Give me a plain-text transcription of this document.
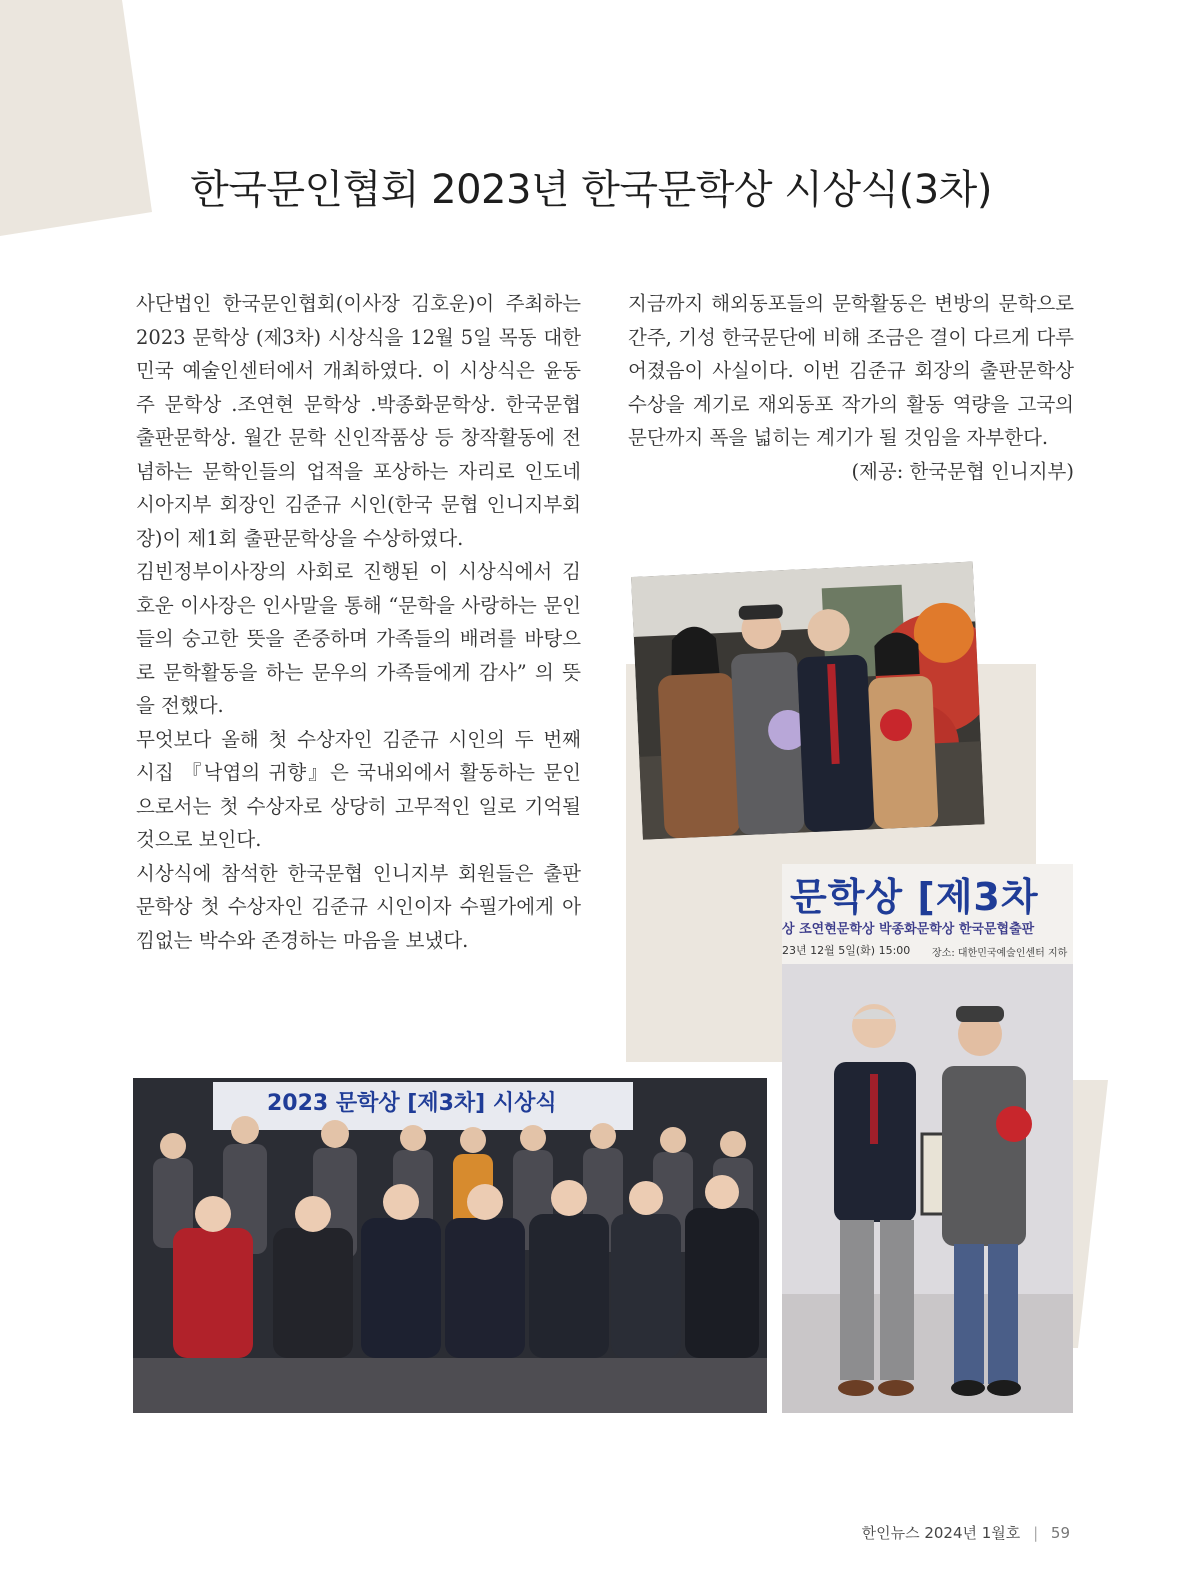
한국문인협회 2023년 한국문학상 시상식(3차)

사단법인 한국문인협회(이사장 김호운)이 주최하는 2023 문학상 (제3차) 시상식을 12월 5일 목동 대한민국 예술인센터에서 개최하였다. 이 시상식은 윤동주 문학상 .조연현 문학상 .박종화문학상. 한국문협출판문학상. 월간 문학 신인작품상 등 창작활동에 전념하는 문학인들의 업적을 포상하는 자리로 인도네시아지부 회장인 김준규 시인(한국 문협 인니지부회장)이 제1회 출판문학상을 수상하였다.

김빈정부이사장의 사회로 진행된 이 시상식에서 김호운 이사장은 인사말을 통해 “문학을 사랑하는 문인들의 숭고한 뜻을 존중하며 가족들의 배려를 바탕으로 문학활동을 하는 문우의 가족들에게 감사” 의 뜻을 전했다.

무엇보다 올해 첫 수상자인 김준규 시인의 두 번째 시집 『낙엽의 귀향』은 국내외에서 활동하는 문인으로서는 첫 수상자로 상당히 고무적인 일로 기억될 것으로 보인다.

시상식에 참석한 한국문협 인니지부 회원들은 출판문학상 첫 수상자인 김준규 시인이자 수필가에게 아낌없는 박수와 존경하는 마음을 보냈다.

지금까지 해외동포들의 문학활동은 변방의 문학으로 간주, 기성 한국문단에 비해 조금은 결이 다르게 다루어졌음이 사실이다. 이번 김준규 회장의 출판문학상 수상을 계기로 재외동포 작가의 활동 역량을 고국의 문단까지 폭을 넓히는 계기가 될 것임을 자부한다.

(제공: 한국문협 인니지부)

문학상 [제3차
상 조연현문학상 박종화문학상 한국문협출판
23년 12월 5일(화) 15:00 장소: 대한민국예술인센터 지하
2023 문학상 [제3차] 시상식
한인뉴스 2024년 1월호 | 59
